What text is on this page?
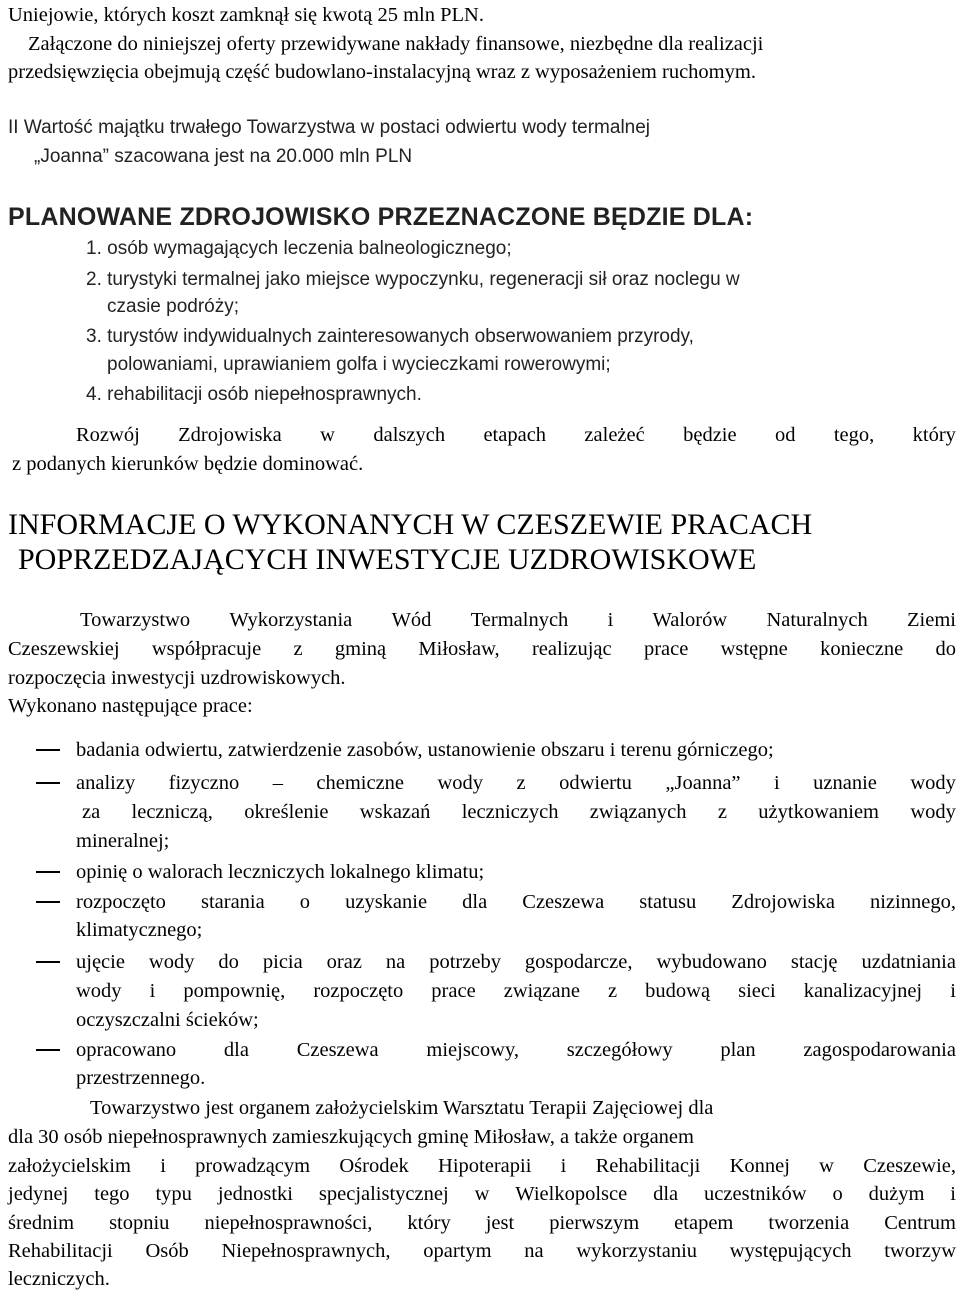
Uniejowie, których koszt zamknął się kwotą 25 mln PLN.
Załączone do niniejszej oferty przewidywane nakłady finansowe, niezbędne dla realizacji
przedsięwzięcia obejmują część budowlano-instalacyjną wraz z wyposażeniem ruchomym.
II Wartość majątku trwałego Towarzystwa w postaci odwiertu wody termalnej
„Joanna” szacowana jest na 20.000 mln PLN
PLANOWANE ZDROJOWISKO PRZEZNACZONE BĘDZIE DLA:
1. osób wymagających leczenia balneologicznego;
2. turystyki termalnej jako miejsce wypoczynku, regeneracji sił oraz noclegu w
czasie podróży;
3. turystów indywidualnych zainteresowanych obserwowaniem przyrody,
polowaniami, uprawianiem golfa i wycieczkami rowerowymi;
4. rehabilitacji osób niepełnosprawnych.
Rozwój Zdrojowiska w dalszych etapach zależeć będzie od tego, który
z podanych kierunków będzie dominować.
INFORMACJE O WYKONANYCH W CZESZEWIE PRACACH
POPRZEDZAJĄCYCH INWESTYCJE UZDROWISKOWE
Towarzystwo Wykorzystania Wód Termalnych i Walorów Naturalnych Ziemi
Czeszewskiej współpracuje z gminą Miłosław, realizując prace wstępne konieczne do
rozpoczęcia inwestycji uzdrowiskowych.
Wykonano następujące prace:
badania odwiertu, zatwierdzenie zasobów, ustanowienie obszaru i terenu górniczego;
analizy fizyczno – chemiczne wody z odwiertu „Joanna” i uznanie wody
za leczniczą, określenie wskazań leczniczych związanych z użytkowaniem wody
mineralnej;
opinię o walorach leczniczych lokalnego klimatu;
rozpoczęto starania o uzyskanie dla Czeszewa statusu Zdrojowiska nizinnego,
klimatycznego;
ujęcie wody do picia oraz na potrzeby gospodarcze, wybudowano stację uzdatniania
wody i pompownię, rozpoczęto prace związane z budową sieci kanalizacyjnej i
oczyszczalni ścieków;
opracowano dla Czeszewa miejscowy, szczegółowy plan zagospodarowania
przestrzennego.
Towarzystwo jest organem założycielskim Warsztatu Terapii Zajęciowej dla
dla 30 osób niepełnosprawnych zamieszkujących gminę Miłosław, a także organem
założycielskim i prowadzącym Ośrodek Hipoterapii i Rehabilitacji Konnej w Czeszewie,
jedynej tego typu jednostki specjalistycznej w Wielkopolsce dla uczestników o dużym i
średnim stopniu niepełnosprawności, który jest pierwszym etapem tworzenia Centrum
Rehabilitacji Osób Niepełnosprawnych, opartym na wykorzystaniu występujących tworzyw
leczniczych.
